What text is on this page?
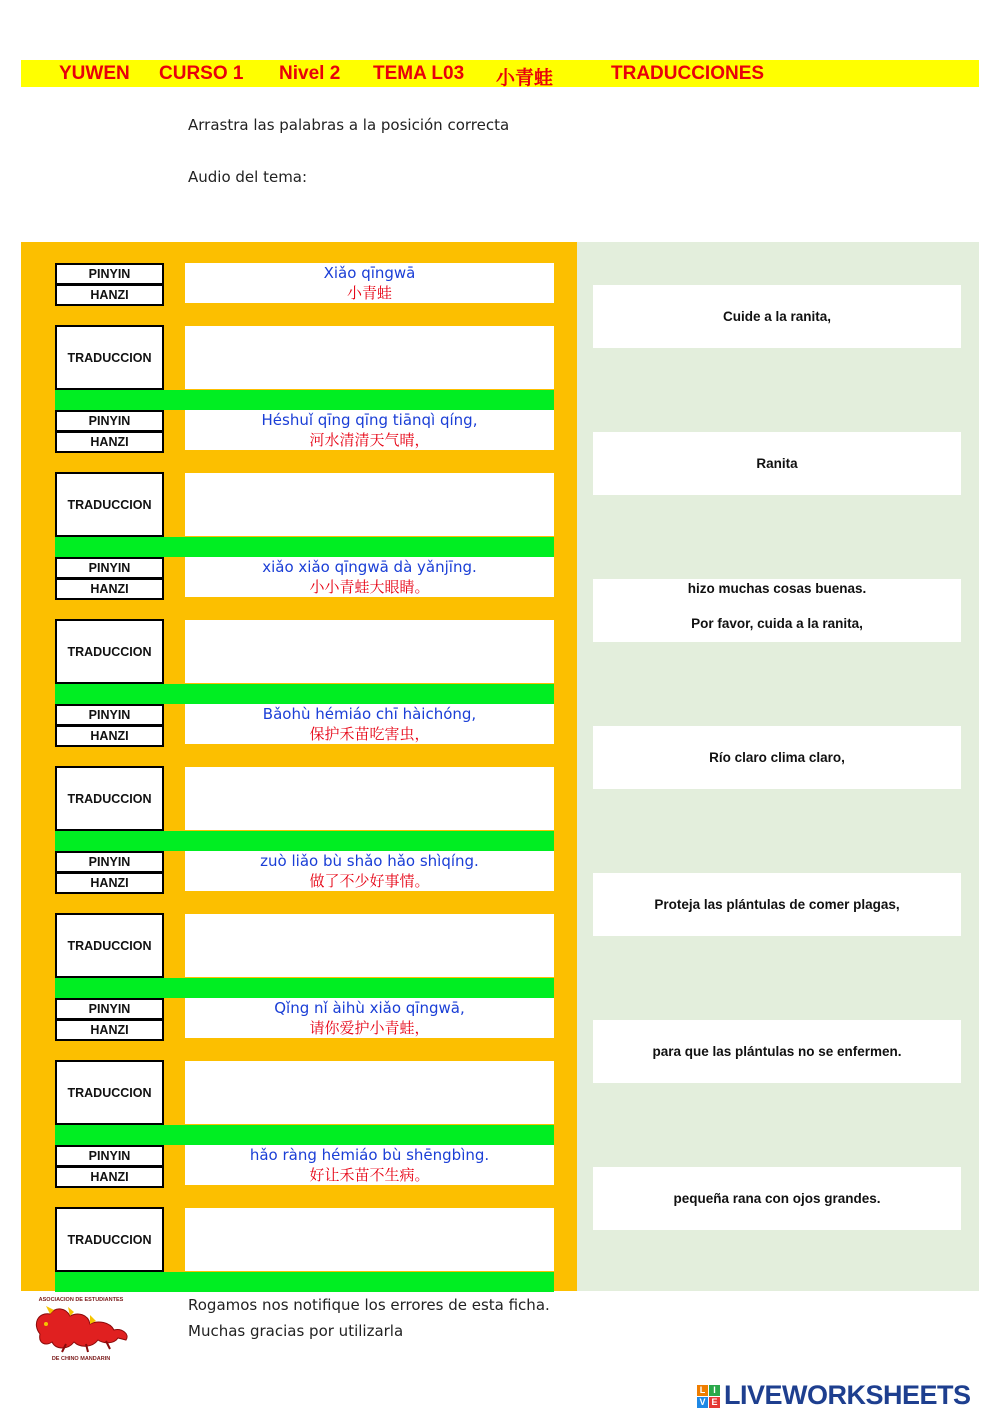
YUWEN CURSO 1 Nivel 2 TEMA L03 小青蛙	TRADUCCIONES
Arrastra las palabras a la posición correcta
Audio del tema:
PINYIN
HANZI
Xiǎo qīngwā
小青蛙
TRADUCCION
PINYIN
HANZI
Héshuǐ qīng qīng tiānqì qíng,
河水清清天气晴，
TRADUCCION
PINYIN
HANZI
xiǎo xiǎo qīngwā dà yǎnjīng.
小小青蛙大眼睛。
TRADUCCION
PINYIN
HANZI
Bǎohù hémiáo chī hàichóng,
保护禾苗吃害虫，
TRADUCCION
PINYIN
HANZI
zuò liǎo bù shǎo hǎo shìqíng.
做了不少好事情。
TRADUCCION
PINYIN
HANZI
Qǐng nǐ àihù xiǎo qīngwā,
请你爱护小青蛙，
TRADUCCION
PINYIN
HANZI
hǎo ràng hémiáo bù shēngbìng.
好让禾苗不生病。
TRADUCCION
Cuide a la ranita,
Ranita
hizo muchas cosas buenas.
Por favor, cuida a la ranita,
Río claro clima claro,
Proteja las plántulas de comer plagas,
para que las plántulas no se enfermen.
pequeña rana con ojos grandes.
ASOCIACION DE ESTUDIANTES
DE CHINO MANDARIN
Rogamos nos notifique los errores de esta ficha.
Muchas gracias por utilizarla
L I
V E LIVEWORKSHEETS
